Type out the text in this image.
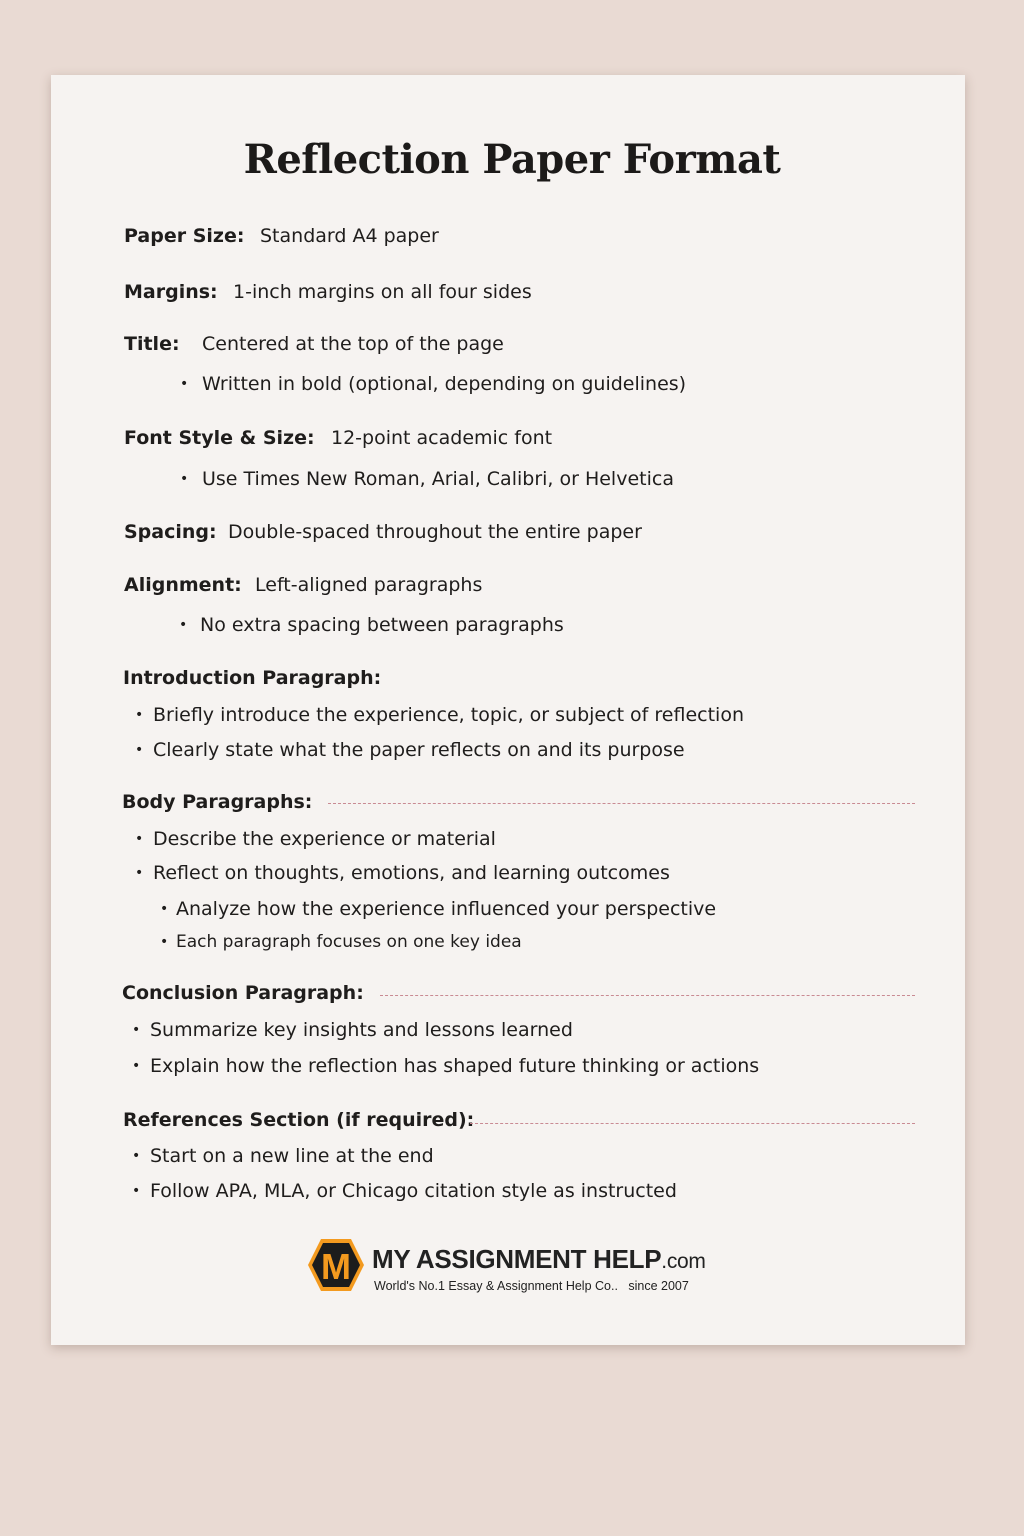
Reflection Paper Format
Paper Size: Standard A4 paper
Margins: 1-inch margins on all four sides
Title: Centered at the top of the page
• Written in bold (optional, depending on guidelines)
Font Style & Size: 12-point academic font
• Use Times New Roman, Arial, Calibri, or Helvetica
Spacing: Double-spaced throughout the entire paper
Alignment: Left-aligned paragraphs
• No extra spacing between paragraphs
Introduction Paragraph:
• Briefly introduce the experience, topic, or subject of reflection
• Clearly state what the paper reflects on and its purpose
Body Paragraphs:
• Describe the experience or material
• Reflect on thoughts, emotions, and learning outcomes
• Analyze how the experience influenced your perspective
• Each paragraph focuses on one key idea
Conclusion Paragraph:
• Summarize key insights and lessons learned
• Explain how the reflection has shaped future thinking or actions
References Section (if required):
• Start on a new line at the end
• Follow APA, MLA, or Chicago citation style as instructed
M MY ASSIGNMENT HELP.com
World's No.1 Essay & Assignment Help Co..   since 2007
